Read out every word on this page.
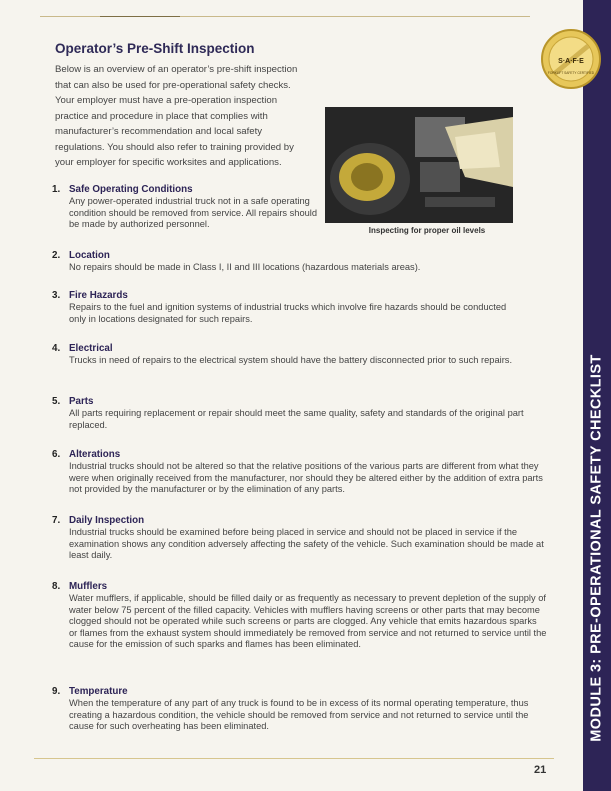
MODULE 3: PRE-OPERATIONAL SAFETY CHECKLIST
S·A·F·E
FORKLIFT SAFETY CERTIFIED
Operator’s Pre-Shift Inspection

Below is an overview of an operator’s pre-shift inspection that can also be used for pre-operational safety checks. Your employer must have a pre-operation inspection practice and procedure in place that complies with manufacturer’s recommendation and local safety regulations. You should also refer to training provided by your employer for specific worksites and applications.

Inspecting for proper oil levels
1. Safe Operating Conditions
Any power-operated industrial truck not in a safe operating condition should be removed from service. All repairs should be made by authorized personnel.
2. Location
No repairs should be made in Class I, II and III locations (hazardous materials areas).
3. Fire Hazards
Repairs to the fuel and ignition systems of industrial trucks which involve fire hazards should be conducted only in locations designated for such repairs.
4. Electrical
Trucks in need of repairs to the electrical system should have the battery disconnected prior to such repairs.
5. Parts
All parts requiring replacement or repair should meet the same quality, safety and standards of the original part replaced.
6. Alterations
Industrial trucks should not be altered so that the relative positions of the various parts are different from what they were when originally received from the manufacturer, nor should they be altered either by the addition of extra parts not provided by the manufacturer or by the elimination of any parts.
7. Daily Inspection
Industrial trucks should be examined before being placed in service and should not be placed in service if the examination shows any condition adversely affecting the safety of the vehicle. Such examination should be made at least daily.
8. Mufflers
Water mufflers, if applicable, should be filled daily or as frequently as necessary to prevent depletion of the supply of water below 75 percent of the filled capacity. Vehicles with mufflers having screens or other parts that may become clogged should not be operated while such screens or parts are clogged. Any vehicle that emits hazardous sparks or flames from the exhaust system should immediately be removed from service and not returned to service until the cause for the emission of such sparks and flames has been eliminated.
9. Temperature
When the temperature of any part of any truck is found to be in excess of its normal operating temperature, thus creating a hazardous condition, the vehicle should be removed from service and not returned to service until the cause for such overheating has been eliminated.
21
